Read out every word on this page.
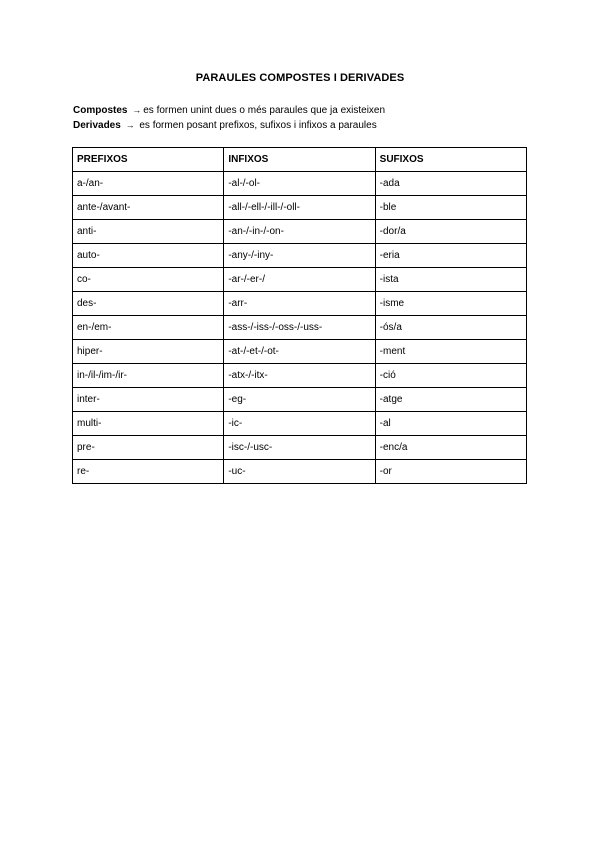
PARAULES COMPOSTES I DERIVADES
Compostes → es formen unint dues o més paraules que ja existeixen
Derivades → es formen posant prefixos, sufixos i infixos a paraules
PREFIXOS	INFIXOS	SUFIXOS
a-/an-	-al-/-ol-	-ada
ante-/avant-	-all-/-ell-/-ill-/-oll-	-ble
anti-	-an-/-in-/-on-	-dor/a
auto-	-any-/-iny-	-eria
co-	-ar-/-er-/	-ista
des-	-arr-	-isme
en-/em-	-ass-/-iss-/-oss-/-uss-	-ós/a
hiper-	-at-/-et-/-ot-	-ment
in-/il-/im-/ir-	-atx-/-itx-	-ció
inter-	-eg-	-atge
multi-	-ic-	-al
pre-	-isc-/-usc-	-enc/a
re-	-uc-	-or
